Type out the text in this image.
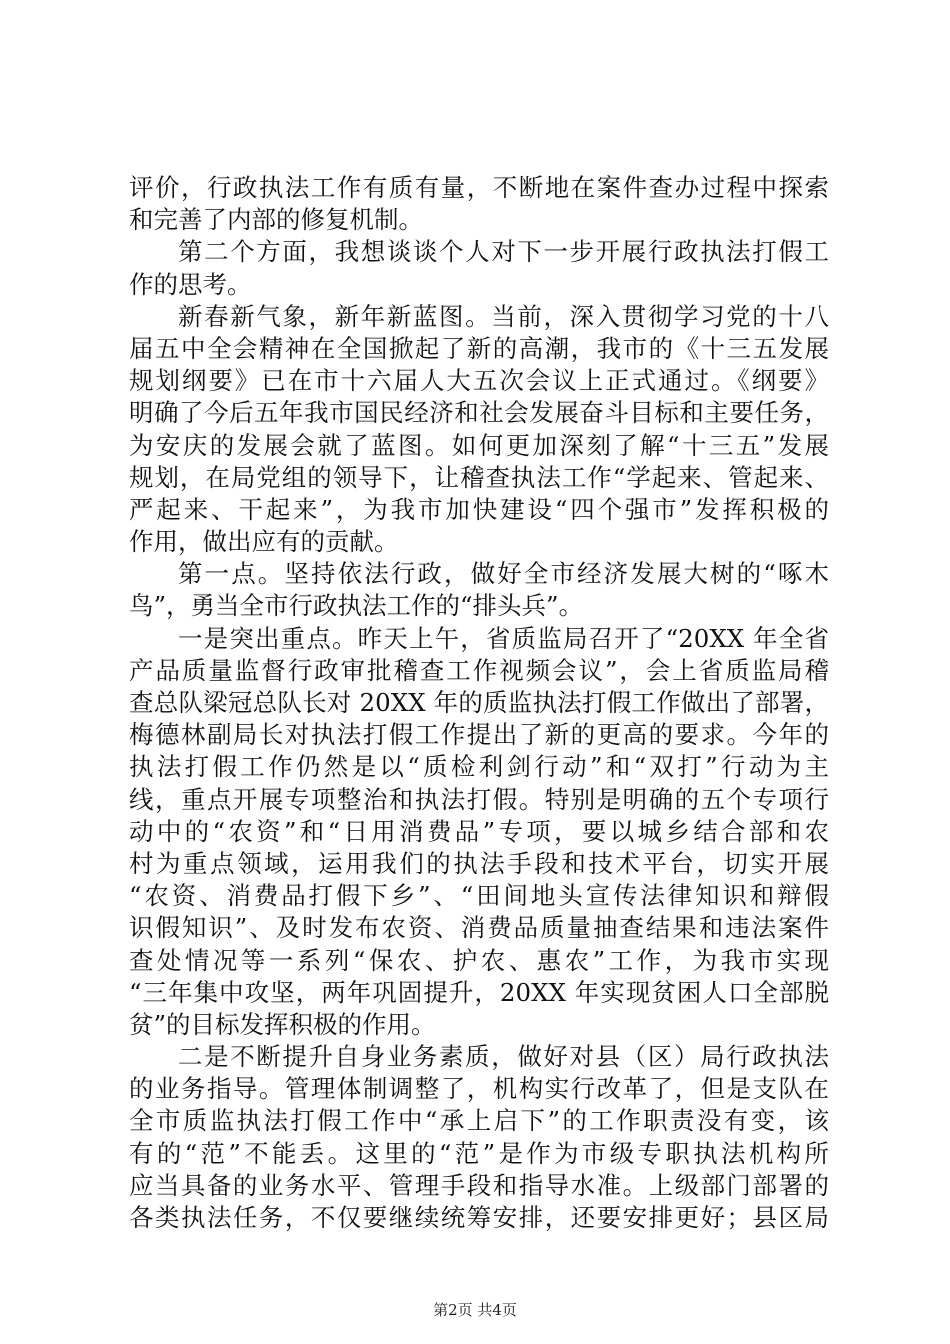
评价，行政执法工作有质有量，不断地在案件查办过程中探索
和完善了内部的修复机制。

第二个方面，我想谈谈个人对下一步开展行政执法打假工
作的思考。

新春新气象，新年新蓝图。当前，深入贯彻学习党的十八
届五中全会精神在全国掀起了新的高潮，我市的《十三五发展
规划纲要》已在市十六届人大五次会议上正式通过。《纲要》
明确了今后五年我市国民经济和社会发展奋斗目标和主要任务，
为安庆的发展会就了蓝图。如何更加深刻了解“十三五”发展
规划，在局党组的领导下，让稽查执法工作“学起来、管起来、
严起来、干起来”，为我市加快建设“四个强市”发挥积极的
作用，做出应有的贡献。

第一点。坚持依法行政，做好全市经济发展大树的“啄木
鸟”，勇当全市行政执法工作的“排头兵”。

一是突出重点。昨天上午，省质监局召开了“20XX 年全省
产品质量监督行政审批稽查工作视频会议”，会上省质监局稽
查总队梁冠总队长对 20XX 年的质监执法打假工作做出了部署，
梅德林副局长对执法打假工作提出了新的更高的要求。今年的
执法打假工作仍然是以“质检利剑行动”和“双打”行动为主
线，重点开展专项整治和执法打假。特别是明确的五个专项行
动中的“农资”和“日用消费品”专项，要以城乡结合部和农
村为重点领域，运用我们的执法手段和技术平台，切实开展
“农资、消费品打假下乡”、“田间地头宣传法律知识和辩假
识假知识”、及时发布农资、消费品质量抽查结果和违法案件
查处情况等一系列“保农、护农、惠农”工作，为我市实现
“三年集中攻坚，两年巩固提升，20XX 年实现贫困人口全部脱
贫”的目标发挥积极的作用。

二是不断提升自身业务素质，做好对县（区）局行政执法
的业务指导。管理体制调整了，机构实行改革了，但是支队在
全市质监执法打假工作中“承上启下”的工作职责没有变，该
有的“范”不能丢。这里的“范”是作为市级专职执法机构所
应当具备的业务水平、管理手段和指导水准。上级部门部署的
各类执法任务，不仅要继续统筹安排，还要安排更好；县区局

第2页 共4页
